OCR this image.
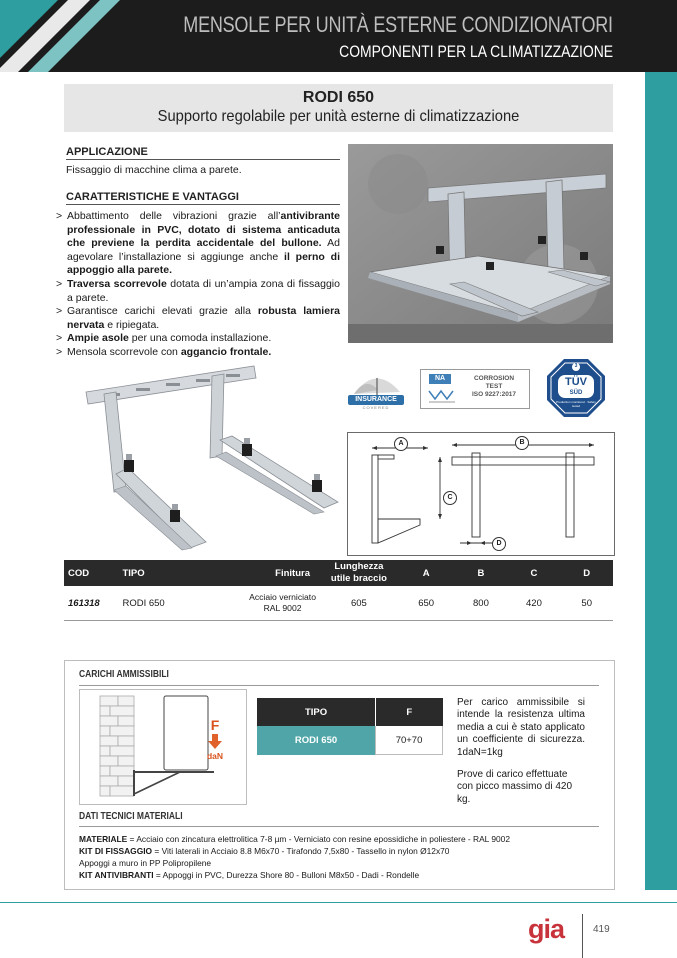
MENSOLE PER UNITÀ ESTERNE CONDIZIONATORI
COMPONENTI PER LA CLIMATIZZAZIONE
RODI 650
Supporto regolabile per unità esterne di climatizzazione
APPLICAZIONE
Fissaggio di macchine clima a parete.
CARATTERISTICHE E VANTAGGI
> Abbattimento delle vibrazioni grazie all’antivibrante professionale in PVC, dotato di sistema anticaduta che previene la perdita accidentale del bullone. Ad agevolare l’installazione si aggiunge anche il perno di appoggio alla parete.
> Traversa scorrevole dotata di un’ampia zona di fissaggio a parete.
> Garantisce carichi elevati grazie alla robusta lamiera nervata e ripiegata.
> Ampie asole per una comoda installazione.
> Mensola scorrevole con aggancio frontale.
INSURANCE
COVERED
NA	CORROSION
TEST
ISO 9227:2017
3
TÜV
SÜD
Production monitored · Safety tested
A	B
C
D
COD	TIPO	Finitura	Lunghezza utile braccio	A	B	C	D
161318	RODI 650	Acciaio verniciato
RAL 9002	605	650	800	420	50
CARICHI AMMISSIBILI
F
daN
TIPO	F
RODI 650	70+70
Per carico ammissibile si intende la resistenza ultima media a cui è stato applicato un coefficiente di sicurezza. 1daN=1kg
Prove di carico effettuate con picco massimo di 420 kg.
DATI TECNICI MATERIALI
MATERIALE = Acciaio con zincatura elettrolitica 7-8 µm - Verniciato con resine epossidiche in poliestere - RAL 9002
KIT DI FISSAGGIO = Viti laterali in Acciaio 8.8 M6x70 - Tirafondo 7,5x80 - Tassello in nylon Ø12x70
Appoggi a muro in PP Polipropilene
KIT ANTIVIBRANTI = Appoggi in PVC, Durezza Shore 80 - Bulloni M8x50 - Dadi - Rondelle
gia	419
